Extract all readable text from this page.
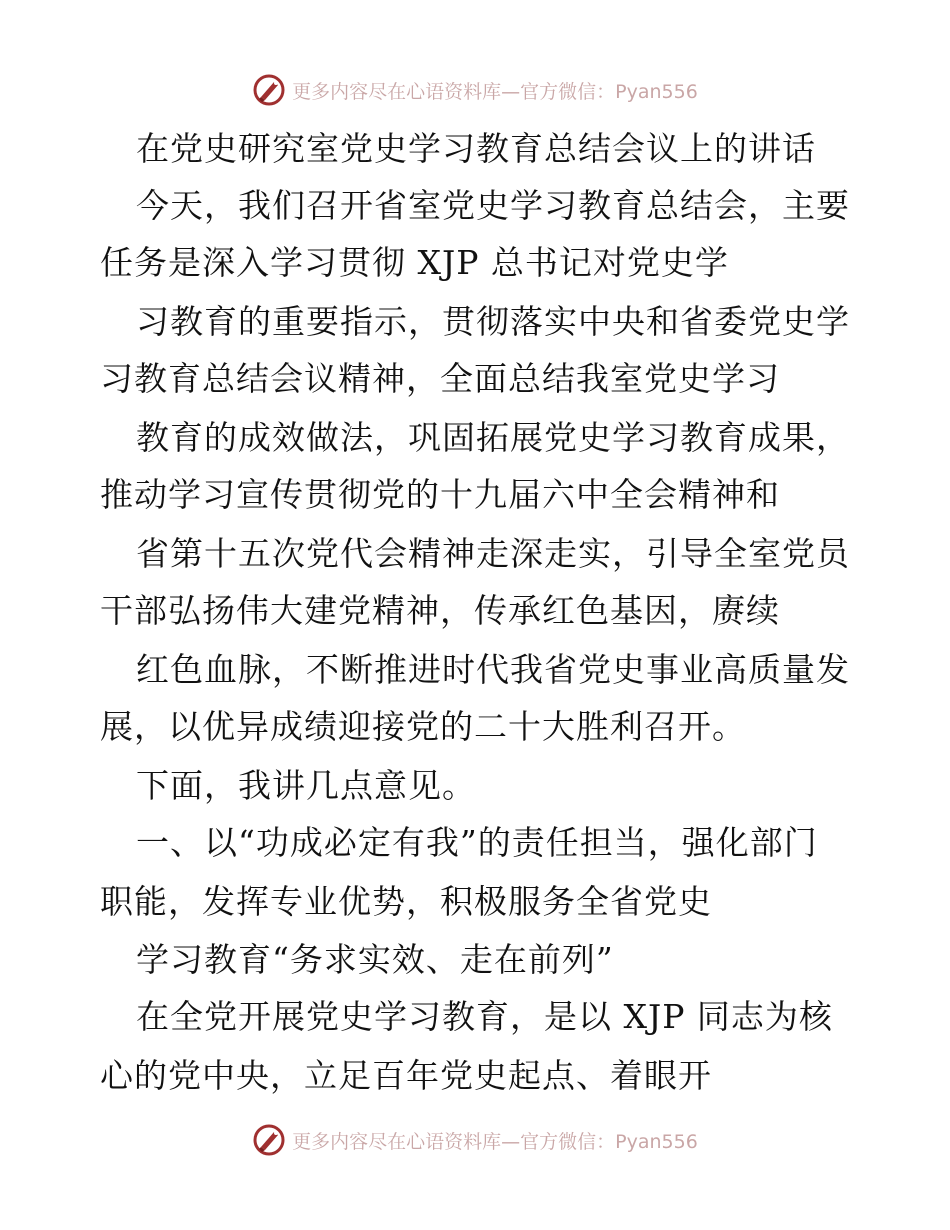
更多内容尽在心语资料库—官方微信：Pyan556
在党史研究室党史学习教育总结会议上的讲话
今天，我们召开省室党史学习教育总结会，主要
任务是深入学习贯彻 XJP 总书记对党史学
习教育的重要指示，贯彻落实中央和省委党史学
习教育总结会议精神，全面总结我室党史学习
教育的成效做法，巩固拓展党史学习教育成果，
推动学习宣传贯彻党的十九届六中全会精神和
省第十五次党代会精神走深走实，引导全室党员
干部弘扬伟大建党精神，传承红色基因，赓续
红色血脉，不断推进时代我省党史事业高质量发
展，以优异成绩迎接党的二十大胜利召开。
下面，我讲几点意见。
一、以“功成必定有我”的责任担当，强化部门
职能，发挥专业优势，积极服务全省党史
学习教育“务求实效、走在前列”
在全党开展党史学习教育，是以 XJP 同志为核
心的党中央，立足百年党史起点、着眼开
更多内容尽在心语资料库—官方微信：Pyan556
